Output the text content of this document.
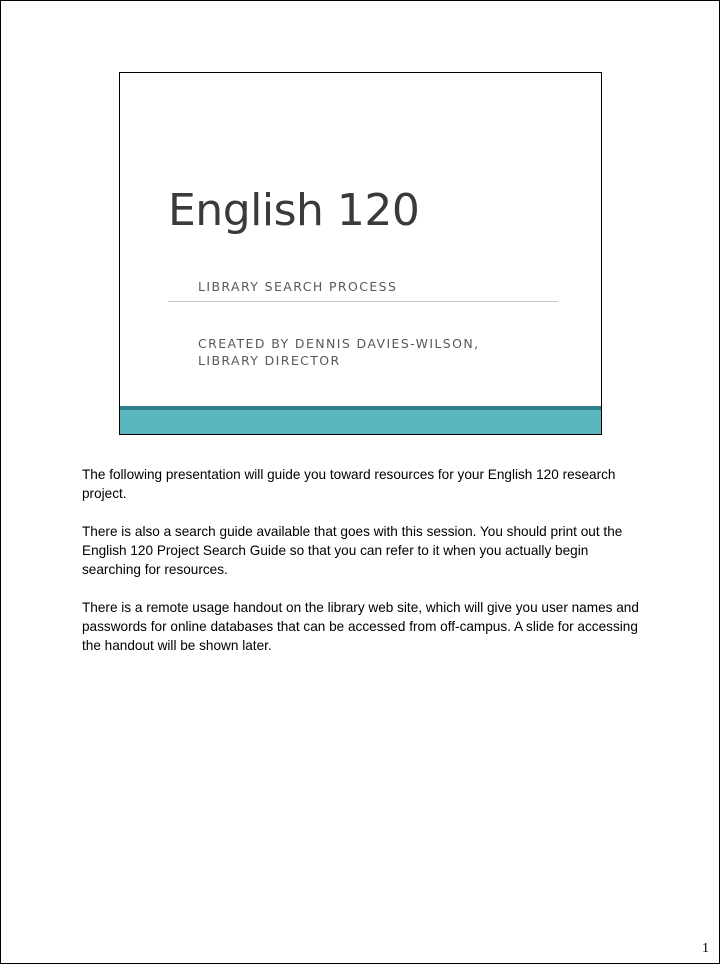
English 120
LIBRARY SEARCH PROCESS
CREATED BY DENNIS DAVIES-WILSON,
LIBRARY DIRECTOR

The following presentation will guide you toward resources for your English 120 research project.

There is also a search guide available that goes with this session. You should print out the English 120 Project Search Guide so that you can refer to it when you actually begin searching for resources.

There is a remote usage handout on the library web site, which will give you user names and passwords for online databases that can be accessed from off-campus. A slide for accessing the handout will be shown later.

1
